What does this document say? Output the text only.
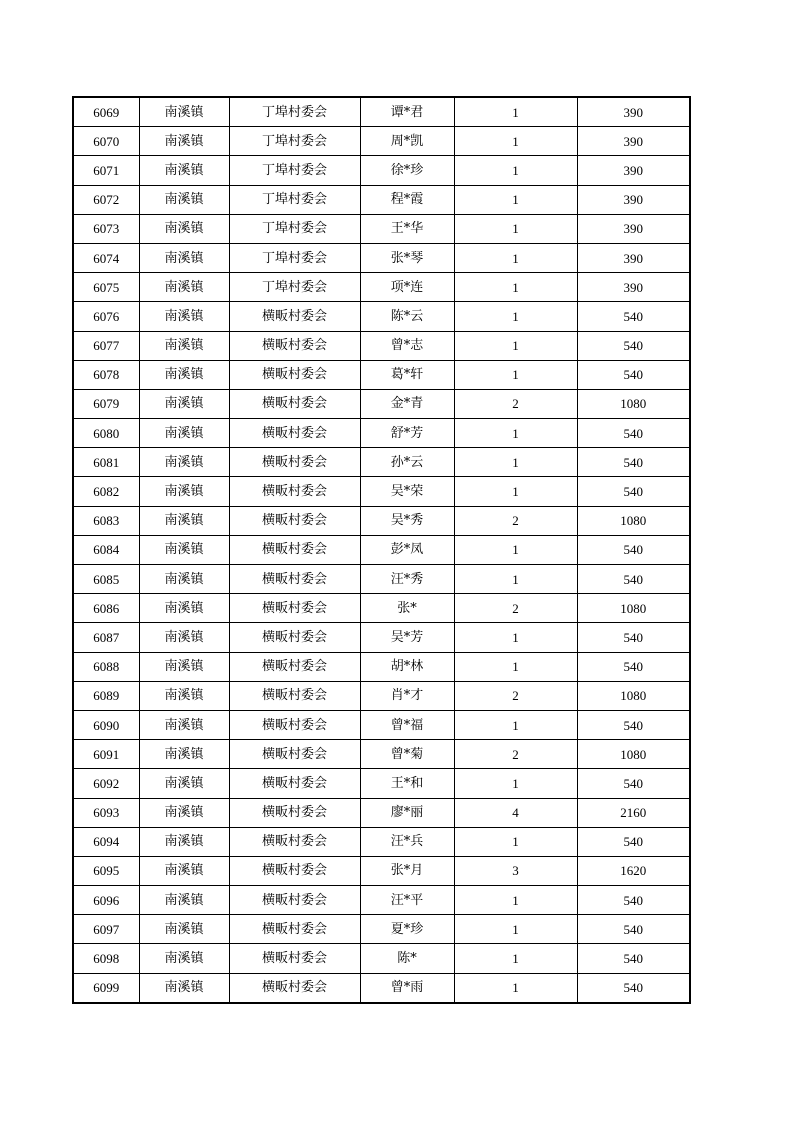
6069	南溪镇	丁埠村委会	谭*君	1	390
6070	南溪镇	丁埠村委会	周*凯	1	390
6071	南溪镇	丁埠村委会	徐*珍	1	390
6072	南溪镇	丁埠村委会	程*霞	1	390
6073	南溪镇	丁埠村委会	王*华	1	390
6074	南溪镇	丁埠村委会	张*琴	1	390
6075	南溪镇	丁埠村委会	项*连	1	390
6076	南溪镇	横畈村委会	陈*云	1	540
6077	南溪镇	横畈村委会	曾*志	1	540
6078	南溪镇	横畈村委会	葛*轩	1	540
6079	南溪镇	横畈村委会	金*青	2	1080
6080	南溪镇	横畈村委会	舒*芳	1	540
6081	南溪镇	横畈村委会	孙*云	1	540
6082	南溪镇	横畈村委会	吴*荣	1	540
6083	南溪镇	横畈村委会	吴*秀	2	1080
6084	南溪镇	横畈村委会	彭*凤	1	540
6085	南溪镇	横畈村委会	汪*秀	1	540
6086	南溪镇	横畈村委会	张*	2	1080
6087	南溪镇	横畈村委会	吴*芳	1	540
6088	南溪镇	横畈村委会	胡*林	1	540
6089	南溪镇	横畈村委会	肖*才	2	1080
6090	南溪镇	横畈村委会	曾*福	1	540
6091	南溪镇	横畈村委会	曾*菊	2	1080
6092	南溪镇	横畈村委会	王*和	1	540
6093	南溪镇	横畈村委会	廖*丽	4	2160
6094	南溪镇	横畈村委会	汪*兵	1	540
6095	南溪镇	横畈村委会	张*月	3	1620
6096	南溪镇	横畈村委会	汪*平	1	540
6097	南溪镇	横畈村委会	夏*珍	1	540
6098	南溪镇	横畈村委会	陈*	1	540
6099	南溪镇	横畈村委会	曾*雨	1	540
